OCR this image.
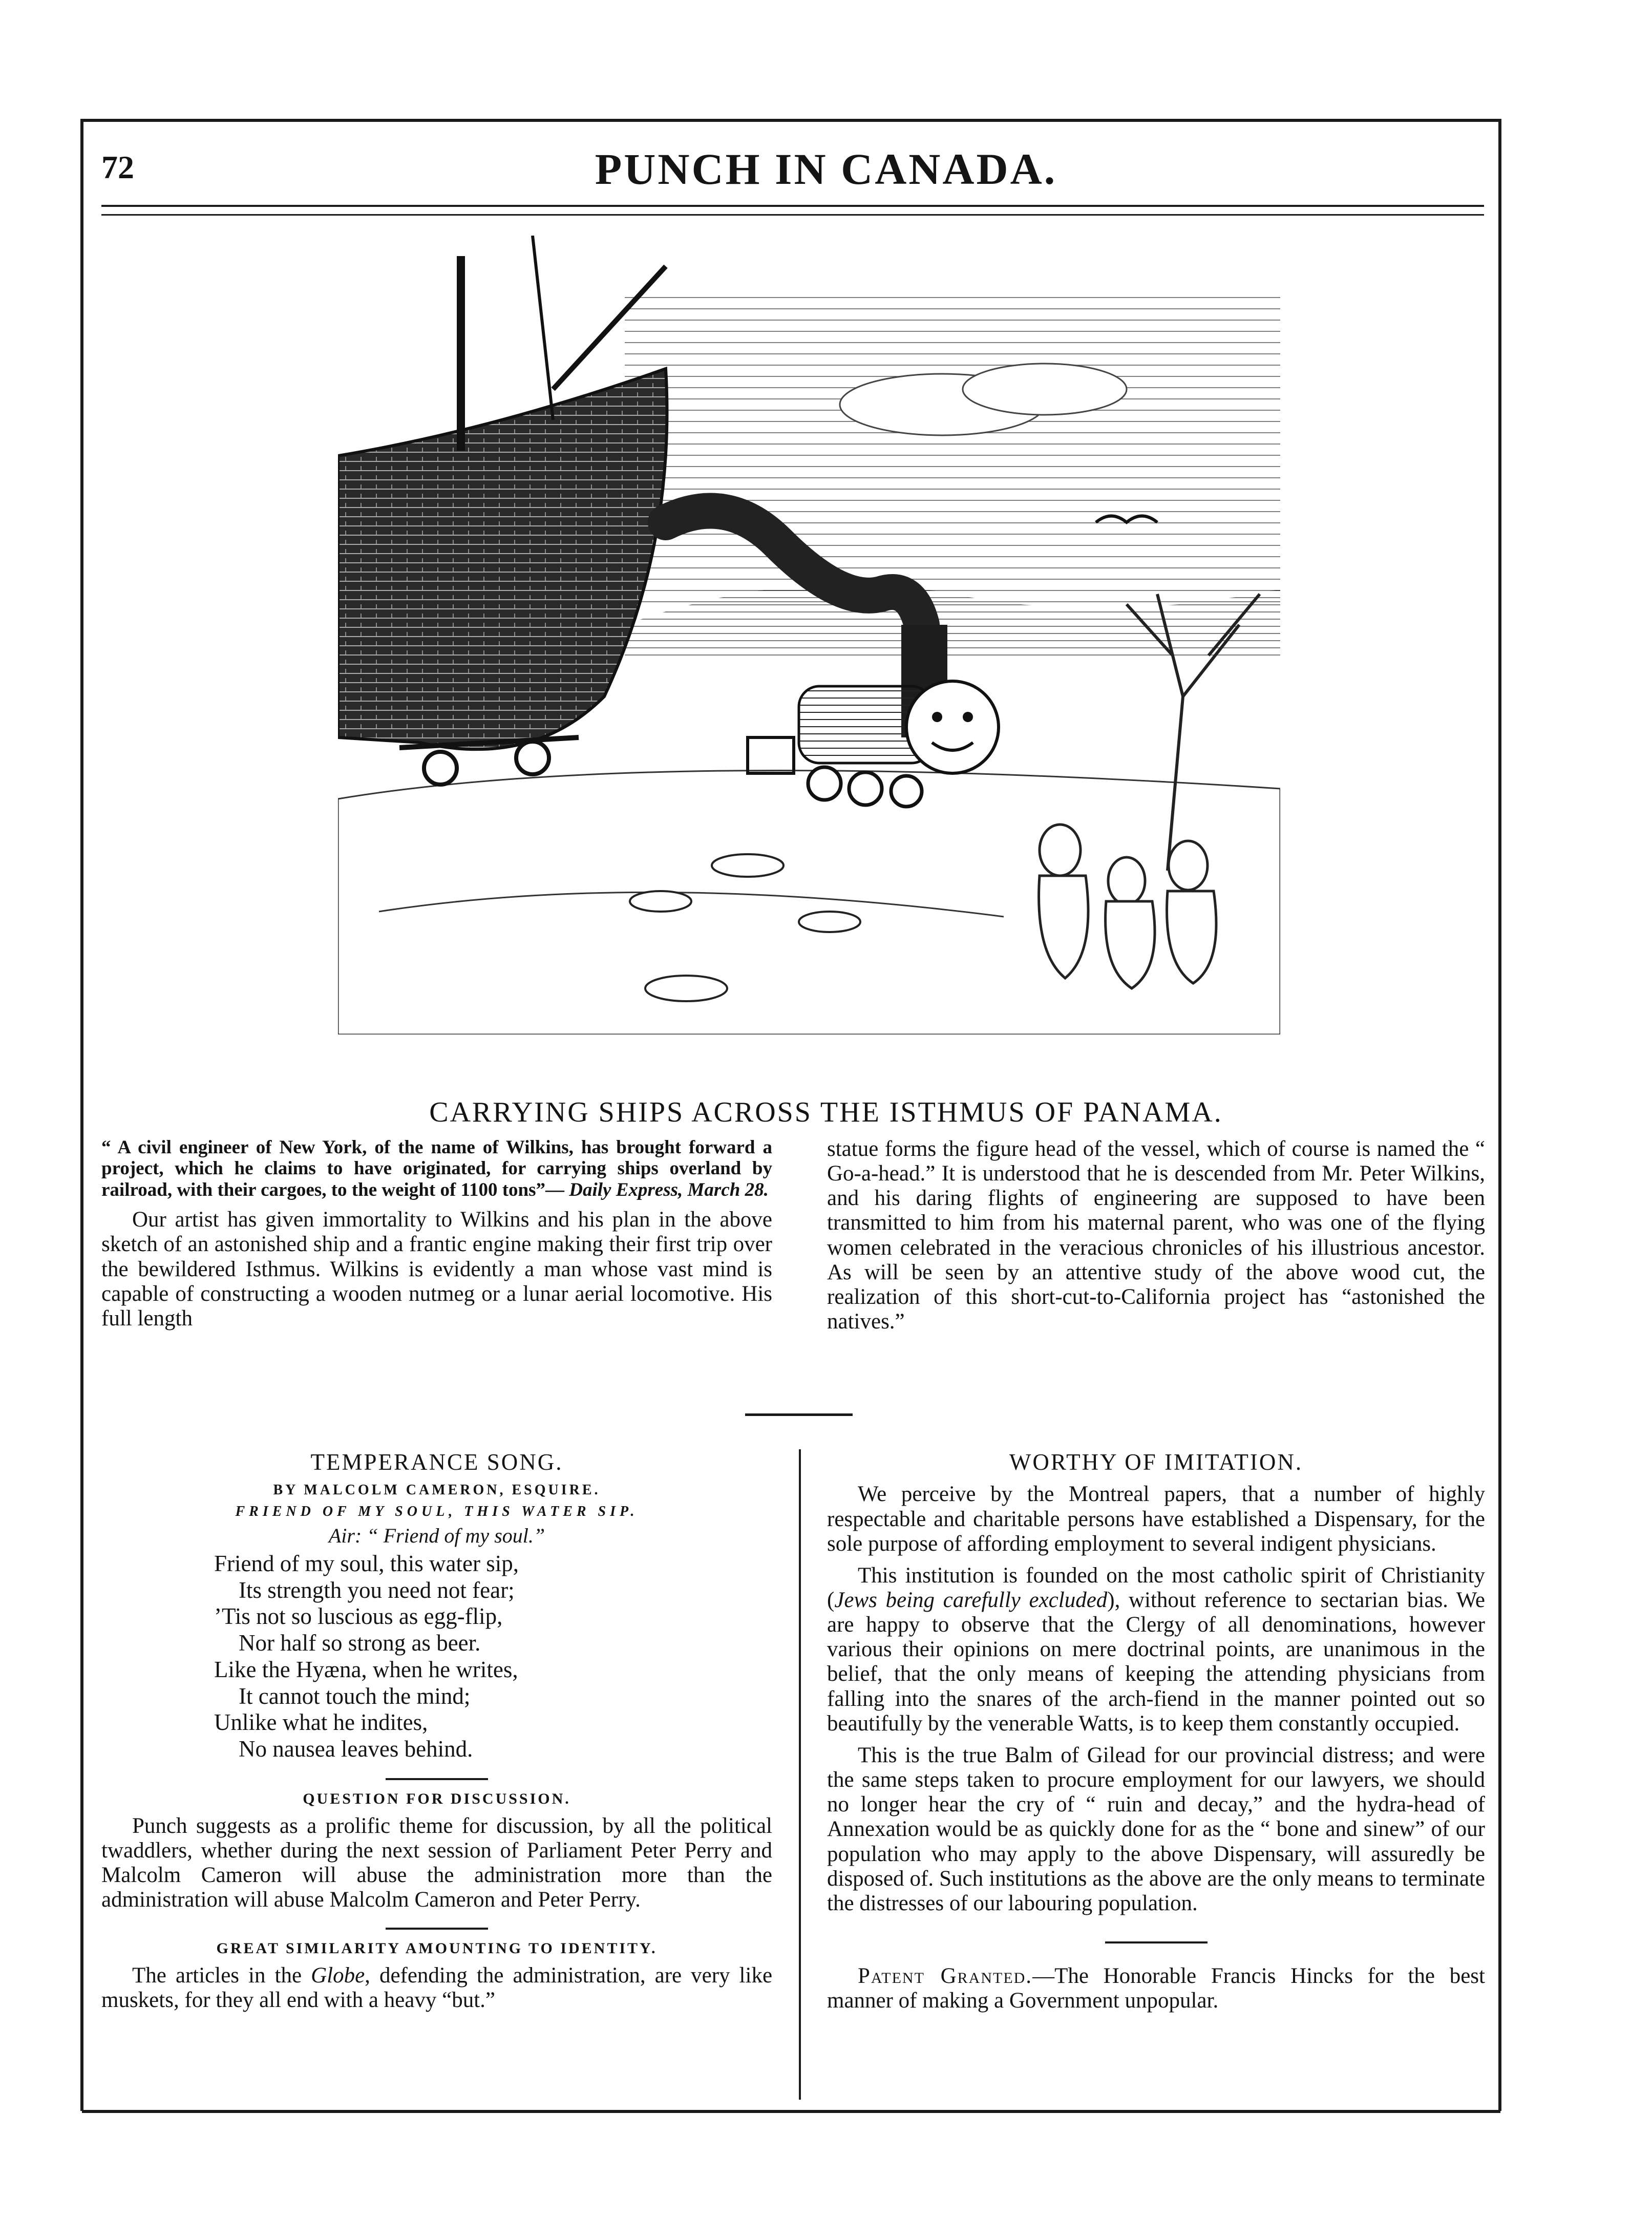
72	PUNCH IN CANADA.
CARRYING SHIPS ACROSS THE ISTHMUS OF PANAMA.

“ A civil engineer of New York, of the name of Wilkins, has brought forward a project, which he claims to have originated, for carrying ships overland by railroad, with their cargoes, to the weight of 1100 tons”— Daily Express, March 28.

Our artist has given immortality to Wilkins and his plan in the above sketch of an astonished ship and a frantic engine making their first trip over the bewildered Isthmus. Wilkins is evidently a man whose vast mind is capable of constructing a wooden nutmeg or a lunar aerial locomotive. His full length

statue forms the figure head of the vessel, which of course is named the “ Go-a-head.” It is understood that he is descended from Mr. Peter Wilkins, and his daring flights of engineering are supposed to have been transmitted to him from his maternal parent, who was one of the flying women celebrated in the veracious chronicles of his illustrious ancestor. As will be seen by an attentive study of the above wood cut, the realization of this short-cut-to-California project has “astonished the natives.”

TEMPERANCE SONG.
BY MALCOLM CAMERON, ESQUIRE.
FRIEND OF MY SOUL, THIS WATER SIP.
Air: “ Friend of my soul.”
Friend of my soul, this water sip,
Its strength you need not fear;
’Tis not so luscious as egg-flip,
Nor half so strong as beer.
Like the Hyæna, when he writes,
It cannot touch the mind;
Unlike what he indites,
No nausea leaves behind.
QUESTION FOR DISCUSSION.

Punch suggests as a prolific theme for discussion, by all the political twaddlers, whether during the next session of Parliament Peter Perry and Malcolm Cameron will abuse the administration more than the administration will abuse Malcolm Cameron and Peter Perry.

GREAT SIMILARITY AMOUNTING TO IDENTITY.

The articles in the Globe, defending the administration, are very like muskets, for they all end with a heavy “but.”

WORTHY OF IMITATION.

We perceive by the Montreal papers, that a number of highly respectable and charitable persons have established a Dispensary, for the sole purpose of affording employment to several indigent physicians.

This institution is founded on the most catholic spirit of Christianity (Jews being carefully excluded), without reference to sectarian bias. We are happy to observe that the Clergy of all denominations, however various their opinions on mere doctrinal points, are unanimous in the belief, that the only means of keeping the attending physicians from falling into the snares of the arch-fiend in the manner pointed out so beautifully by the venerable Watts, is to keep them constantly occupied.

This is the true Balm of Gilead for our provincial distress; and were the same steps taken to procure employment for our lawyers, we should no longer hear the cry of “ ruin and decay,” and the hydra-head of Annexation would be as quickly done for as the “ bone and sinew” of our population who may apply to the above Dispensary, will assuredly be disposed of. Such institutions as the above are the only means to terminate the distresses of our labouring population.

Patent Granted.—The Honorable Francis Hincks for the best manner of making a Government unpopular.
